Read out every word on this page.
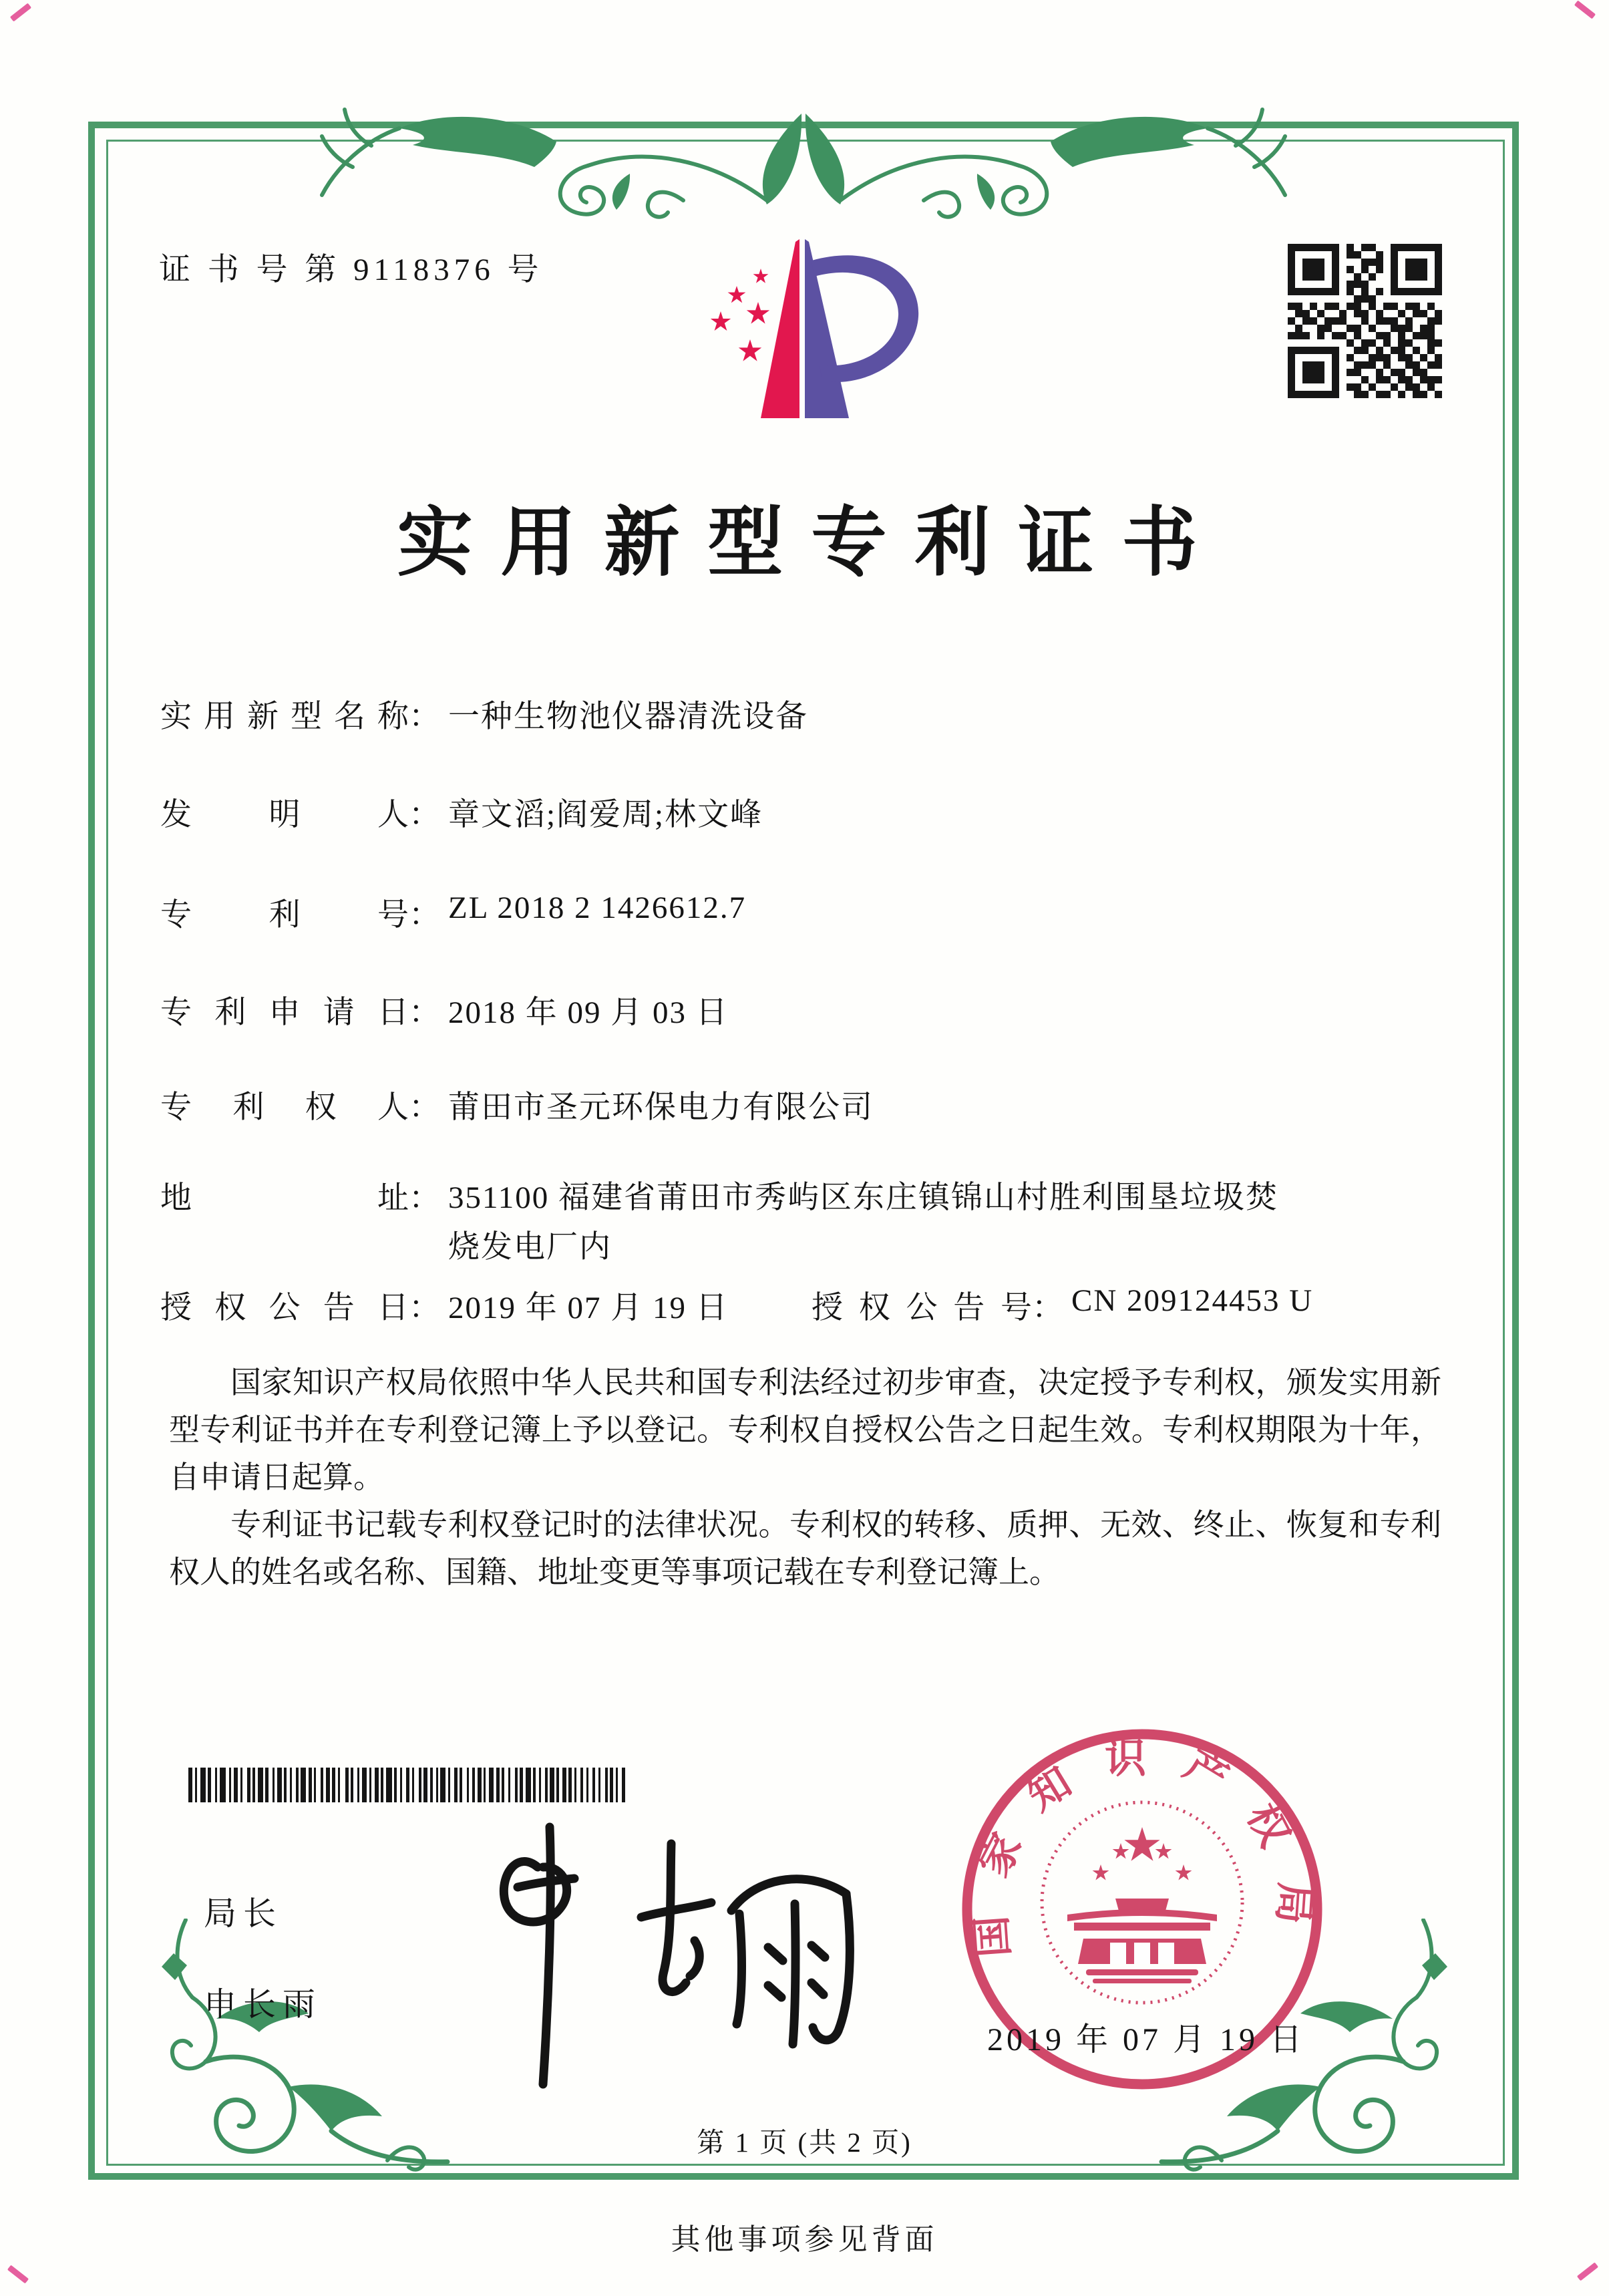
证 书 号 第 9118376 号
实用新型专利证书
实用新型名称： 一种生物池仪器清洗设备
发明人： 章文滔;阎爱周;林文峰
专利号： ZL 2018 2 1426612.7
专利申请日： 2018 年 09 月 03 日
专利权人： 莆田市圣元环保电力有限公司
地址： 351100 福建省莆田市秀屿区东庄镇锦山村胜利围垦垃圾焚烧发电厂内
授权公告日： 2019 年 07 月 19 日	授权公告号： CN 209124453 U

国家知识产权局依照中华人民共和国专利法经过初步审查，决定授予专利权，颁发实用新型专利证书并在专利登记簿上予以登记。专利权自授权公告之日起生效。专利权期限为十年，自申请日起算。

专利证书记载专利权登记时的法律状况。专利权的转移、质押、无效、终止、恢复和专利权人的姓名或名称、国籍、地址变更等事项记载在专利登记簿上。

局长
申长雨
国家知识产权局
2019 年 07 月 19 日
第 1 页 (共 2 页)
其他事项参见背面
